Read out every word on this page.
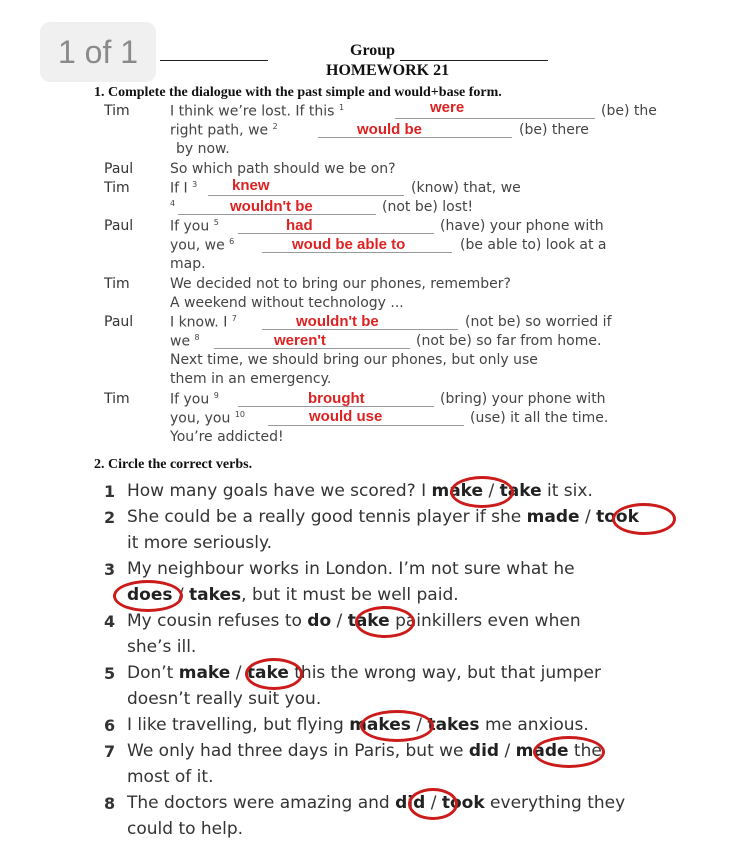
1 of 1	Group
HOMEWORK 21
1. Complete the dialogue with the past simple and would+base form.
Tim	I think we’re lost. If this $^1$	were	(be) the
right path, we $^2$	would be	(be) there
by now.
Paul	So which path should we be on?
Tim	If I $^3$ knew	(know) that, we
$^4$	wouldn't be	(not be) lost!
Paul	If you $^5$	had	(have) your phone with
you, we $^6$	woud be able to	(be able to) look at a
map.
Tim	We decided not to bring our phones, remember?
A weekend without technology ...
Paul	I know. I $^7$	wouldn't be	(not be) so worried if
we $^8$	weren't	(not be) so far from home.
Next time, we should bring our phones, but only use
them in an emergency.
Tim	If you $^9$	brought	(bring) your phone with
you, you $^{10}$	would use	(use) it all the time.
You’re addicted!
2. Circle the correct verbs.
1 How many goals have we scored? I make / take it six.
2 She could be a really good tennis player if she made / took
it more seriously.
3 My neighbour works in London. I’m not sure what he
does / takes, but it must be well paid.
4 My cousin refuses to do / take painkillers even when
she’s ill.
5 Don’t make / take this the wrong way, but that jumper
doesn’t really suit you.
6 I like travelling, but flying makes / takes me anxious.
7 We only had three days in Paris, but we did / made the
most of it.
8 The doctors were amazing and did / took everything they
could to help.
